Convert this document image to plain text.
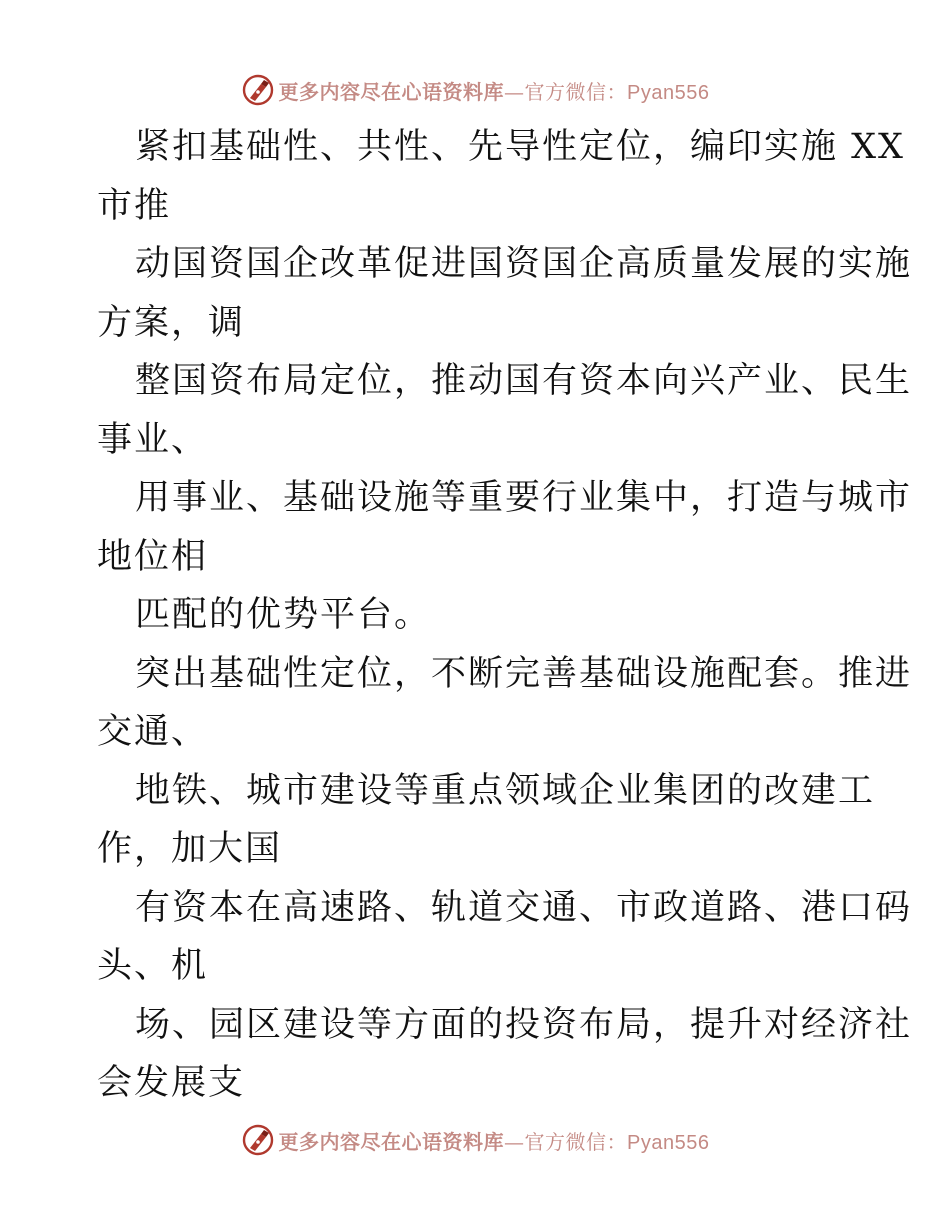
更多内容尽在心语资料库—官方微信：Pyan556
紧扣基础性、共性、先导性定位，编印实施 XX
市推
动国资国企改革促进国资国企高质量发展的实施
方案，调
整国资布局定位，推动国有资本向兴产业、民生
事业、
用事业、基础设施等重要行业集中，打造与城市
地位相
匹配的优势平台。
突出基础性定位，不断完善基础设施配套。推进
交通、
地铁、城市建设等重点领域企业集团的改建工
作，加大国
有资本在高速路、轨道交通、市政道路、港口码
头、机
场、园区建设等方面的投资布局，提升对经济社
会发展支
更多内容尽在心语资料库—官方微信：Pyan556
